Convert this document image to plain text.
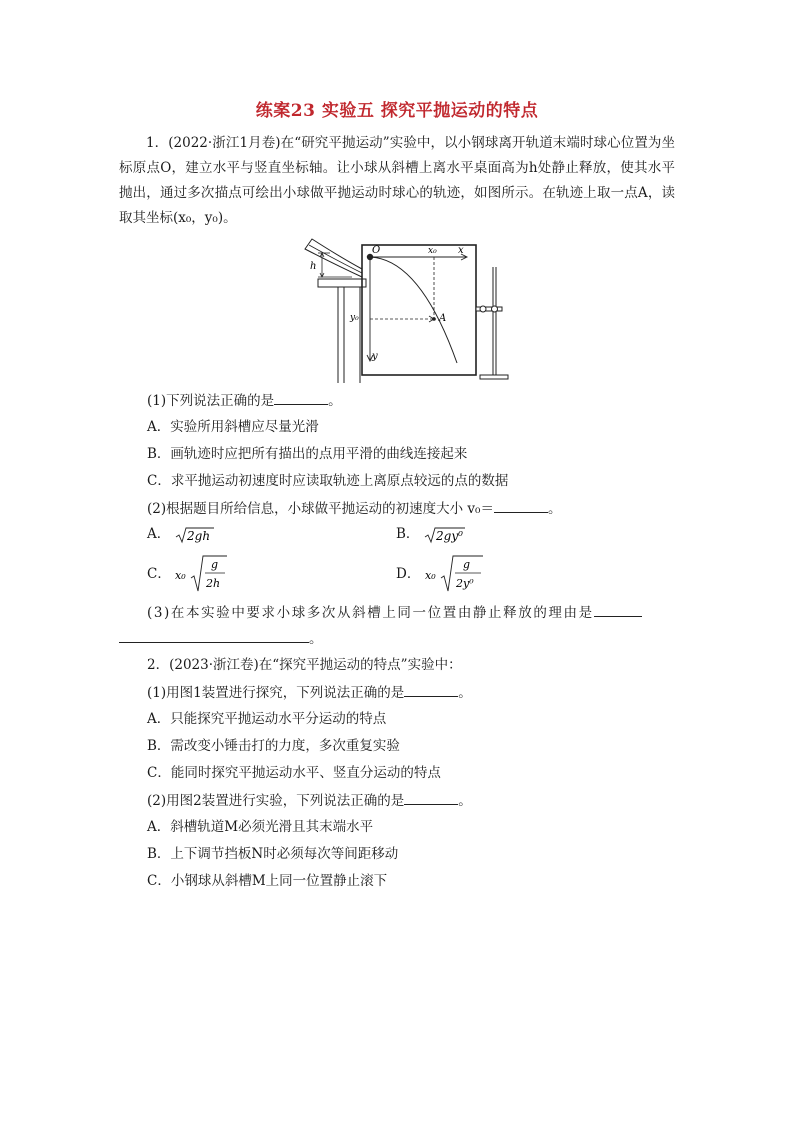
练案23 实验五 探究平抛运动的特点
1．(2022·浙江1月卷)在“研究平抛运动”实验中，以小钢球离开轨道末端时球心位置为坐标原点O，建立水平与竖直坐标轴。让小球从斜槽上离水平桌面高为h处静止释放，使其水平抛出，通过多次描点可绘出小球做平抛运动时球心的轨迹，如图所示。在轨迹上取一点A，读取其坐标(x₀，y₀)。
h
O	x₀ x
y₀
y
A
(1)下列说法正确的是	。
A．实验所用斜槽应尽量光滑
B．画轨迹时应把所有描出的点用平滑的曲线连接起来
C．求平抛运动初速度时应读取轨迹上离原点较远的点的数据
(2)根据题目所给信息，小球做平抛运动的初速度大小 v₀＝	。
A． 2gh	B． 2gy⁰
C． x₀
g
2h
D． x₀
g
2y⁰
(3)在本实验中要求小球多次从斜槽上同一位置由静止释放的理由是
。
2．(2023·浙江卷)在“探究平抛运动的特点”实验中：
(1)用图1装置进行探究，下列说法正确的是	。
A．只能探究平抛运动水平分运动的特点
B．需改变小锤击打的力度，多次重复实验
C．能同时探究平抛运动水平、竖直分运动的特点
(2)用图2装置进行实验，下列说法正确的是	。
A．斜槽轨道M必须光滑且其末端水平
B．上下调节挡板N时必须每次等间距移动
C．小钢球从斜槽M上同一位置静止滚下
